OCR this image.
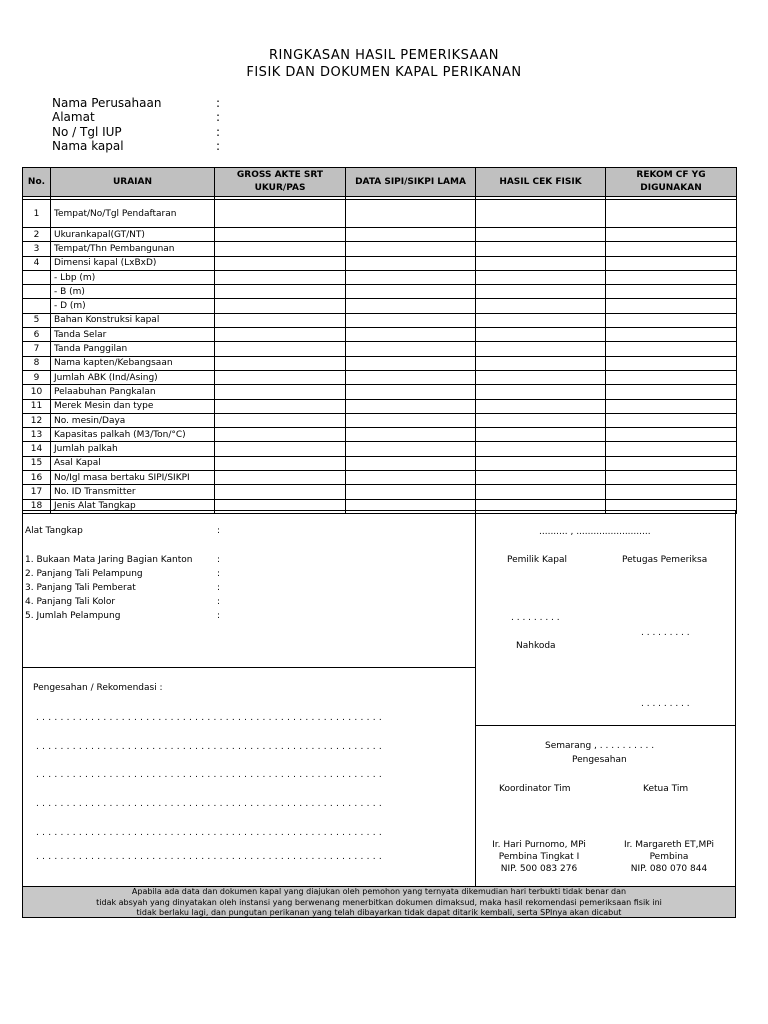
RINGKASAN HASIL PEMERIKSAAN
FISIK DAN DOKUMEN KAPAL PERIKANAN
Nama Perusahaan	:
Alamat	:
No / Tgl IUP	:
Nama kapal	:
No.	URAIAN	GROSS AKTE SRT UKUR/PAS	DATA SIPI/SIKPI LAMA	HASIL CEK FISIK	REKOM CF YG DIGUNAKAN

1	Tempat/No/Tgl Pendaftaran				
2	Ukurankapal(GT/NT)				
3	Tempat/Thn Pembangunan				
4	Dimensi kapal (LxBxD)				
	- Lbp (m)				
	- B (m)				
	- D (m)				
5	Bahan Konstruksi kapal				
6	Tanda Selar				
7	Tanda Panggilan				
8	Nama kapten/Kebangsaan				
9	Jumlah ABK (Ind/Asing)				
10	Pelaabuhan Pangkalan				
11	Merek Mesin dan type				
12	No. mesin/Daya				
13	Kapasitas palkah (M3/Ton/°C)				
14	Jumlah palkah				
15	Asal Kapal				
16	No/Igl masa bertaku SIPI/SIKPI				
17	No. ID Transmitter				
18	Jenis Alat Tangkap				
Alat Tangkap	:
1. Bukaan Mata Jaring Bagian Kanton	:
2. Panjang Tali Pelampung	:
3. Panjang Tali Pemberat	:
4. Panjang Tali Kolor	:
5. Jumlah Pelampung	:
.......... , ..........................
Pemilik Kapal	Petugas Pemeriksa
. . . . . . . . .
. . . . . . . . .
Nahkoda
. . . . . . . . .
Pengesahan / Rekomendasi :
. . . . . . . . . . . . . . . . . . . . . . . . . . . . . . . . . . . . . . . . . . . . . . . . . . . . . . . . .
. . . . . . . . . . . . . . . . . . . . . . . . . . . . . . . . . . . . . . . . . . . . . . . . . . . . . . . . .
. . . . . . . . . . . . . . . . . . . . . . . . . . . . . . . . . . . . . . . . . . . . . . . . . . . . . . . . .
. . . . . . . . . . . . . . . . . . . . . . . . . . . . . . . . . . . . . . . . . . . . . . . . . . . . . . . . .
. . . . . . . . . . . . . . . . . . . . . . . . . . . . . . . . . . . . . . . . . . . . . . . . . . . . . . . . .
. . . . . . . . . . . . . . . . . . . . . . . . . . . . . . . . . . . . . . . . . . . . . . . . . . . . . . . . .
Semarang , . . . . . . . . . .
Pengesahan
Koordinator Tim	Ketua Tim
Ir. Hari Purnomo, MPi
Pembina Tingkat I
NIP. 500 083 276
Ir. Margareth ET,MPi
Pembina
NIP. 080 070 844
Apabila ada data dan dokumen kapal yang diajukan oleh pemohon yang ternyata dikemudian hari terbukti tidak benar dan
tidak absyah yang dinyatakan oleh instansi yang berwenang menerbitkan dokumen dimaksud, maka hasil rekomendasi pemeriksaan fisik ini
tidak berlaku lagi, dan pungutan perikanan yang telah dibayarkan tidak dapat ditarik kembali, serta SPInya akan dicabut
